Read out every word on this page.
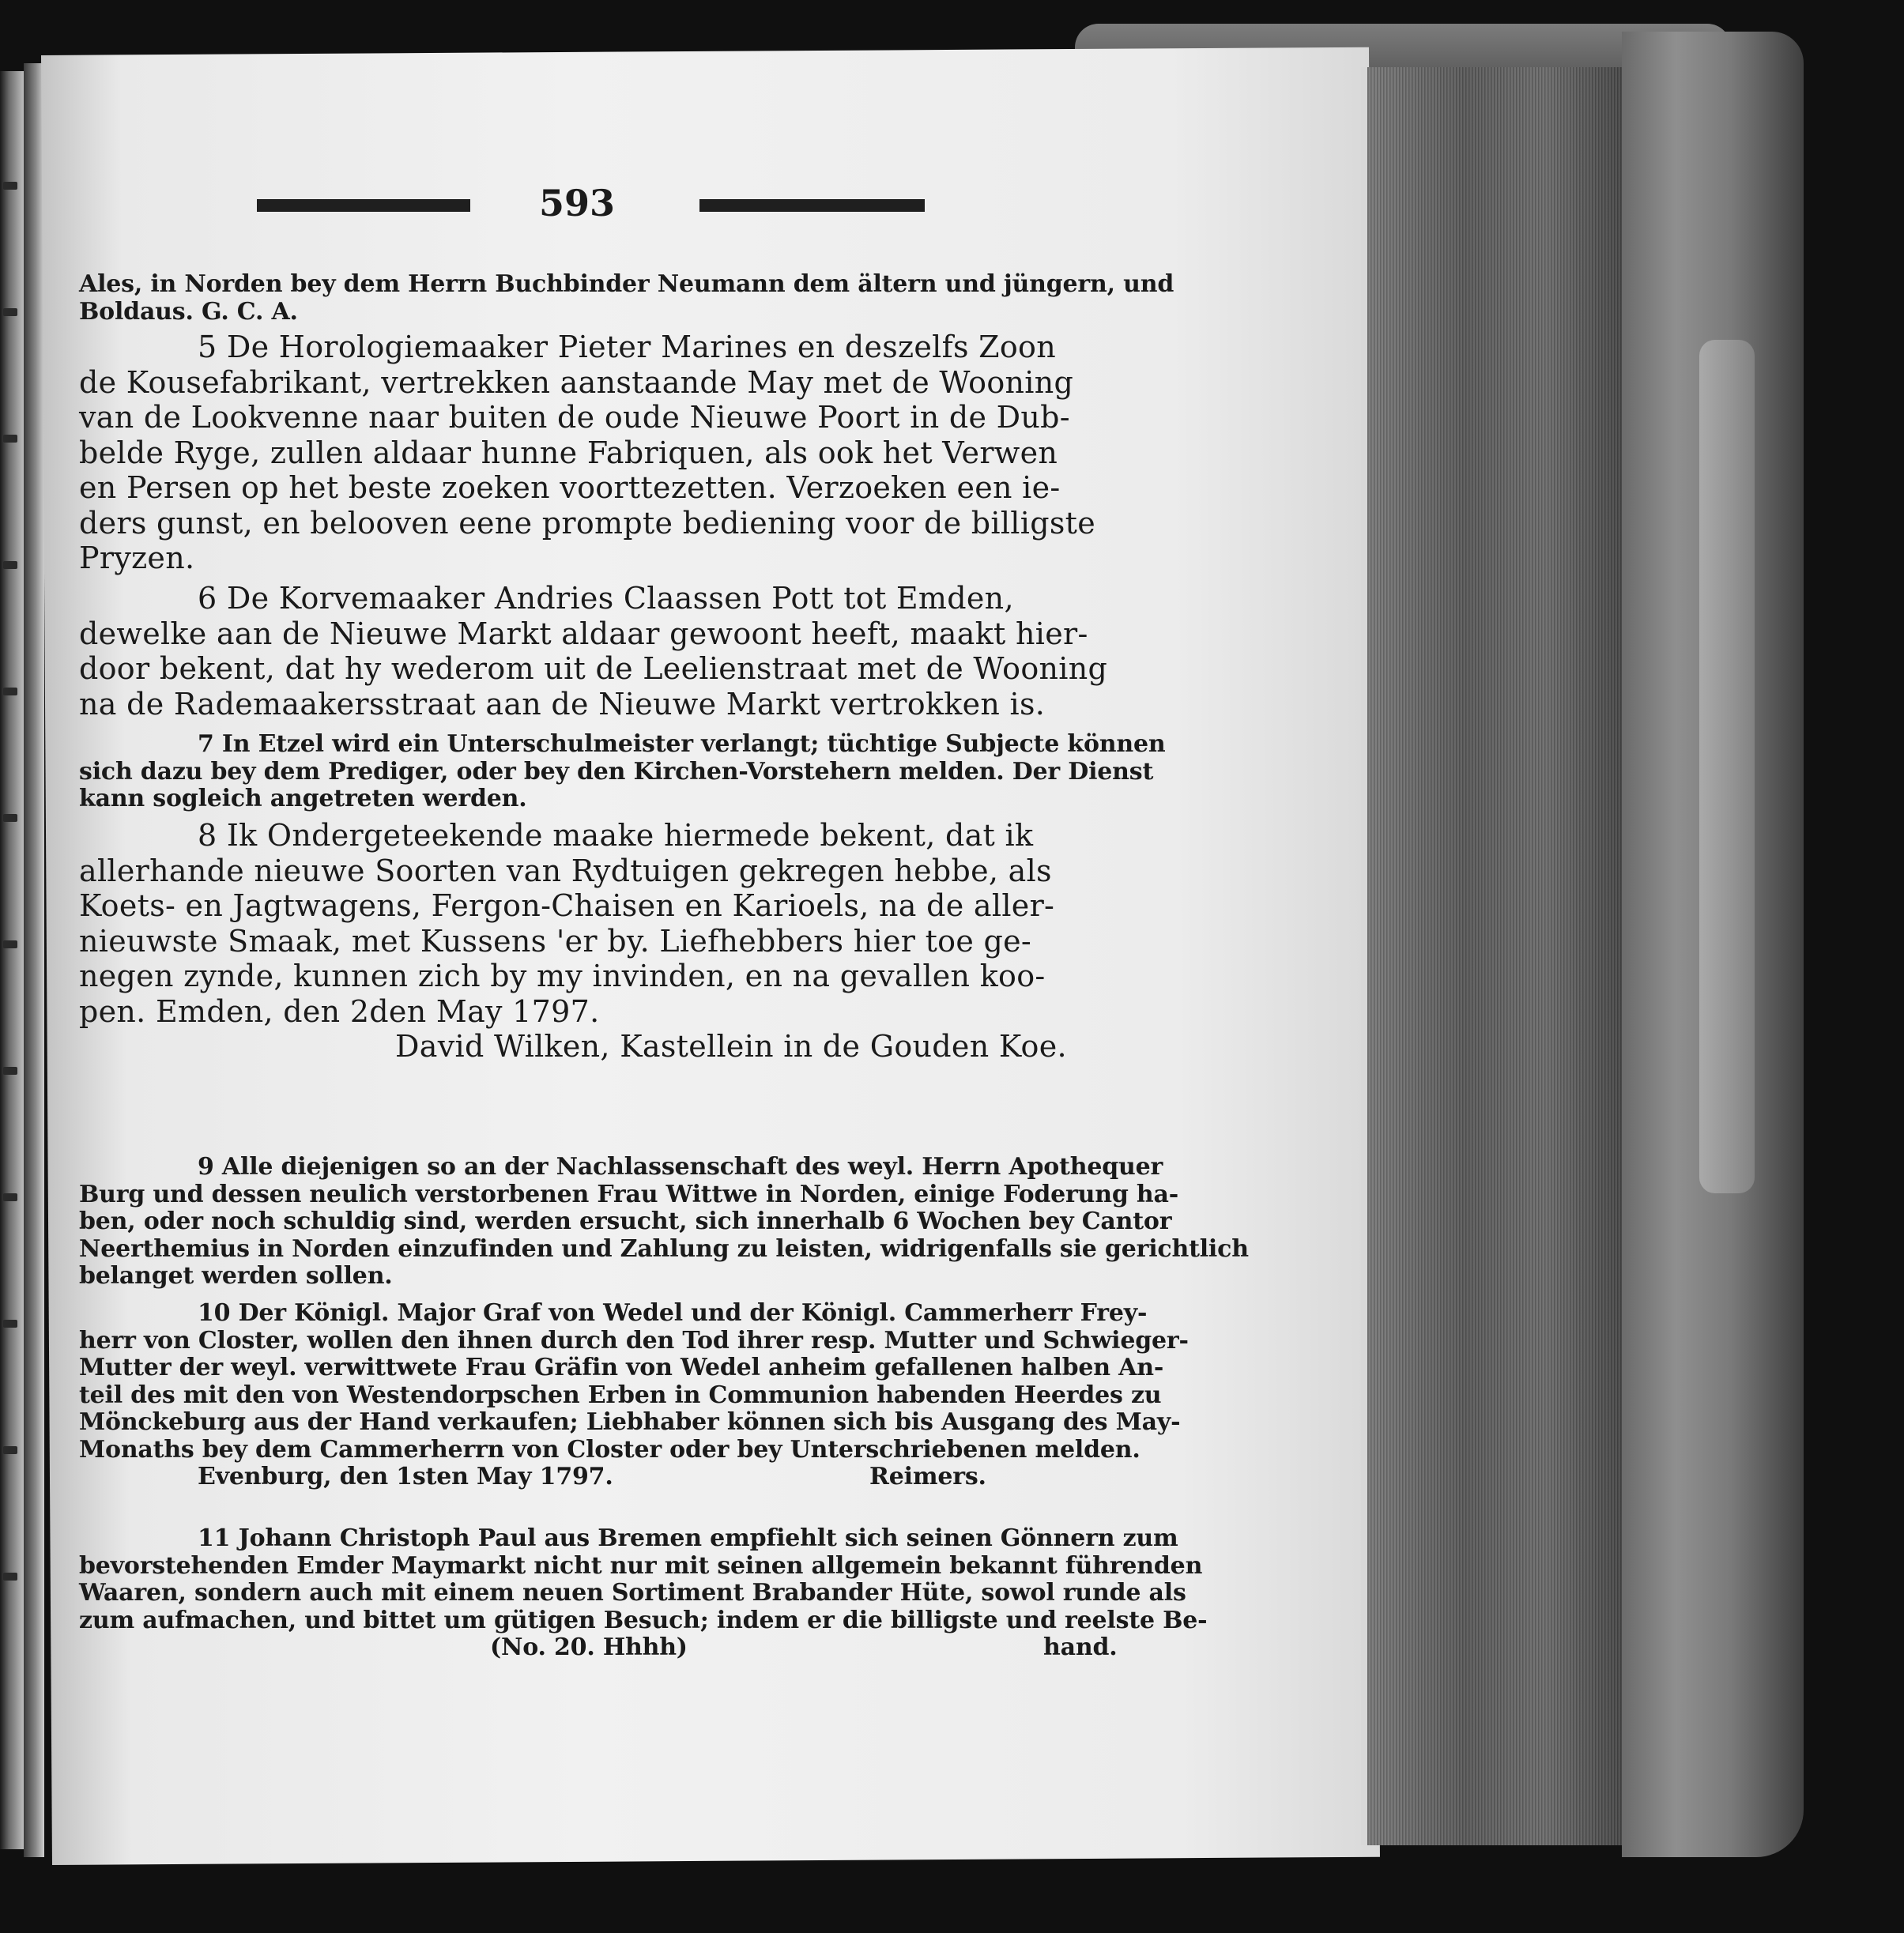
593
Ales, in Norden bey dem Herrn Buchbinder Neumann dem ältern und jüngern, und
Boldaus. G. C. A.
5 De Horologiemaaker Pieter Marines en deszelfs Zoon
de Kousefabrikant, vertrekken aanstaande May met de Wooning
van de Lookvenne naar buiten de oude Nieuwe Poort in de Dub-
belde Ryge, zullen aldaar hunne Fabriquen, als ook het Verwen
en Persen op het beste zoeken voorttezetten. Verzoeken een ie-
ders gunst, en belooven eene prompte bediening voor de billigste
Pryzen.
6 De Korvemaaker Andries Claassen Pott tot Emden,
dewelke aan de Nieuwe Markt aldaar gewoont heeft, maakt hier-
door bekent, dat hy wederom uit de Leelienstraat met de Wooning
na de Rademaakersstraat aan de Nieuwe Markt vertrokken is.
7 In Etzel wird ein Unterschulmeister verlangt; tüchtige Subjecte können
sich dazu bey dem Prediger, oder bey den Kirchen-Vorstehern melden. Der Dienst
kann sogleich angetreten werden.
8 Ik Ondergeteekende maake hiermede bekent, dat ik
allerhande nieuwe Soorten van Rydtuigen gekregen hebbe, als
Koets- en Jagtwagens, Fergon-Chaisen en Karioels, na de aller-
nieuwste Smaak, met Kussens 'er by. Liefhebbers hier toe ge-
negen zynde, kunnen zich by my invinden, en na gevallen koo-
pen. Emden, den 2den May 1797.
David Wilken, Kastellein in de Gouden Koe.
9 Alle diejenigen so an der Nachlassenschaft des weyl. Herrn Apothequer
Burg und dessen neulich verstorbenen Frau Wittwe in Norden, einige Foderung ha-
ben, oder noch schuldig sind, werden ersucht, sich innerhalb 6 Wochen bey Cantor
Neerthemius in Norden einzufinden und Zahlung zu leisten, widrigenfalls sie gerichtlich
belanget werden sollen.
10 Der Königl. Major Graf von Wedel und der Königl. Cammerherr Frey-
herr von Closter, wollen den ihnen durch den Tod ihrer resp. Mutter und Schwieger-
Mutter der weyl. verwittwete Frau Gräfin von Wedel anheim gefallenen halben An-
teil des mit den von Westendorpschen Erben in Communion habenden Heerdes zu
Mönckeburg aus der Hand verkaufen; Liebhaber können sich bis Ausgang des May-
Monaths bey dem Cammerherrn von Closter oder bey Unterschriebenen melden.
Evenburg, den 1sten May 1797.	Reimers.
11 Johann Christoph Paul aus Bremen empfiehlt sich seinen Gönnern zum
bevorstehenden Emder Maymarkt nicht nur mit seinen allgemein bekannt führenden
Waaren, sondern auch mit einem neuen Sortiment Brabander Hüte, sowol runde als
zum aufmachen, und bittet um gütigen Besuch; indem er die billigste und reelste Be-
(No. 20. Hhhh)	hand.
